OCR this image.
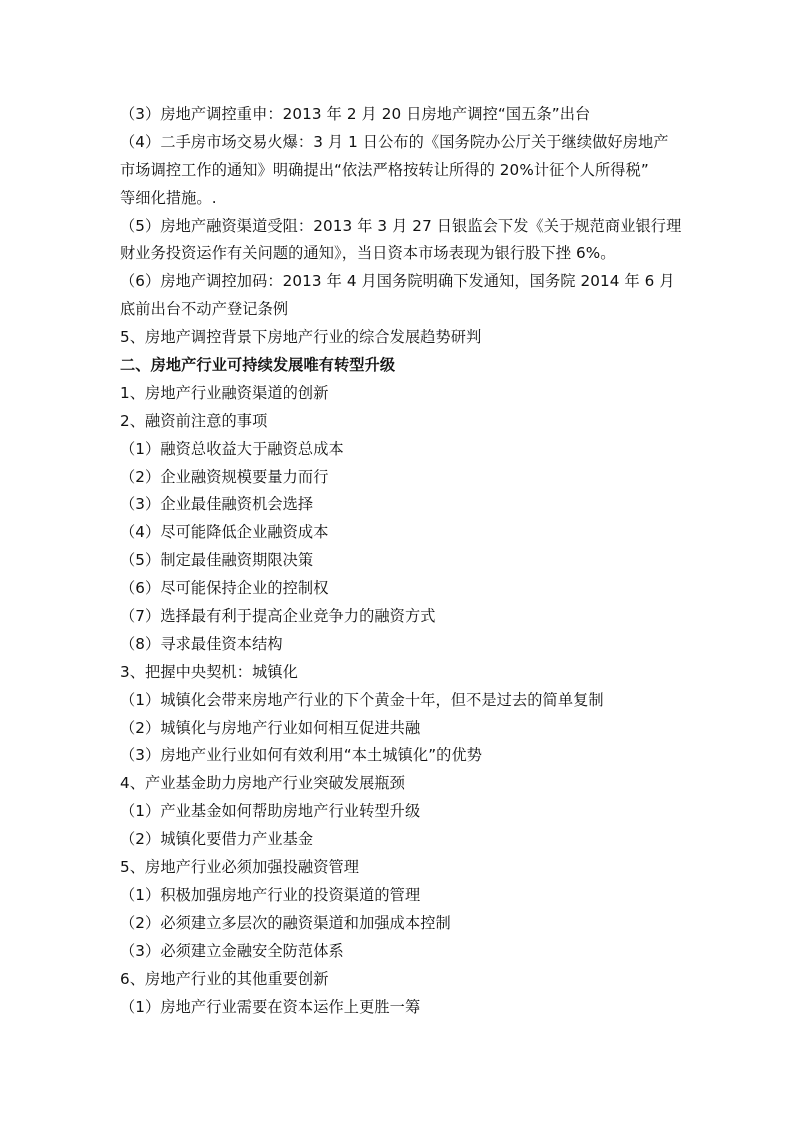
（3）房地产调控重申：2013 年 2 月 20 日房地产调控“国五条”出台
（4）二手房市场交易火爆：3 月 1 日公布的《国务院办公厅关于继续做好房地产
市场调控工作的通知》明确提出“依法严格按转让所得的 20%计征个人所得税”
等细化措施。.
（5）房地产融资渠道受阻：2013 年 3 月 27 日银监会下发《关于规范商业银行理
财业务投资运作有关问题的通知》，当日资本市场表现为银行股下挫 6%。
（6）房地产调控加码：2013 年 4 月国务院明确下发通知，国务院 2014 年 6 月
底前出台不动产登记条例
5、房地产调控背景下房地产行业的综合发展趋势研判
二、房地产行业可持续发展唯有转型升级
1、房地产行业融资渠道的创新
2、融资前注意的事项
（1）融资总收益大于融资总成本
（2）企业融资规模要量力而行
（3）企业最佳融资机会选择
（4）尽可能降低企业融资成本
（5）制定最佳融资期限决策
（6）尽可能保持企业的控制权
（7）选择最有利于提高企业竞争力的融资方式
（8）寻求最佳资本结构
3、把握中央契机：城镇化
（1）城镇化会带来房地产行业的下个黄金十年，但不是过去的简单复制
（2）城镇化与房地产行业如何相互促进共融
（3）房地产业行业如何有效利用“本土城镇化”的优势
4、产业基金助力房地产行业突破发展瓶颈
（1）产业基金如何帮助房地产行业转型升级
（2）城镇化要借力产业基金
5、房地产行业必须加强投融资管理
（1）积极加强房地产行业的投资渠道的管理
（2）必须建立多层次的融资渠道和加强成本控制
（3）必须建立金融安全防范体系
6、房地产行业的其他重要创新
（1）房地产行业需要在资本运作上更胜一筹
